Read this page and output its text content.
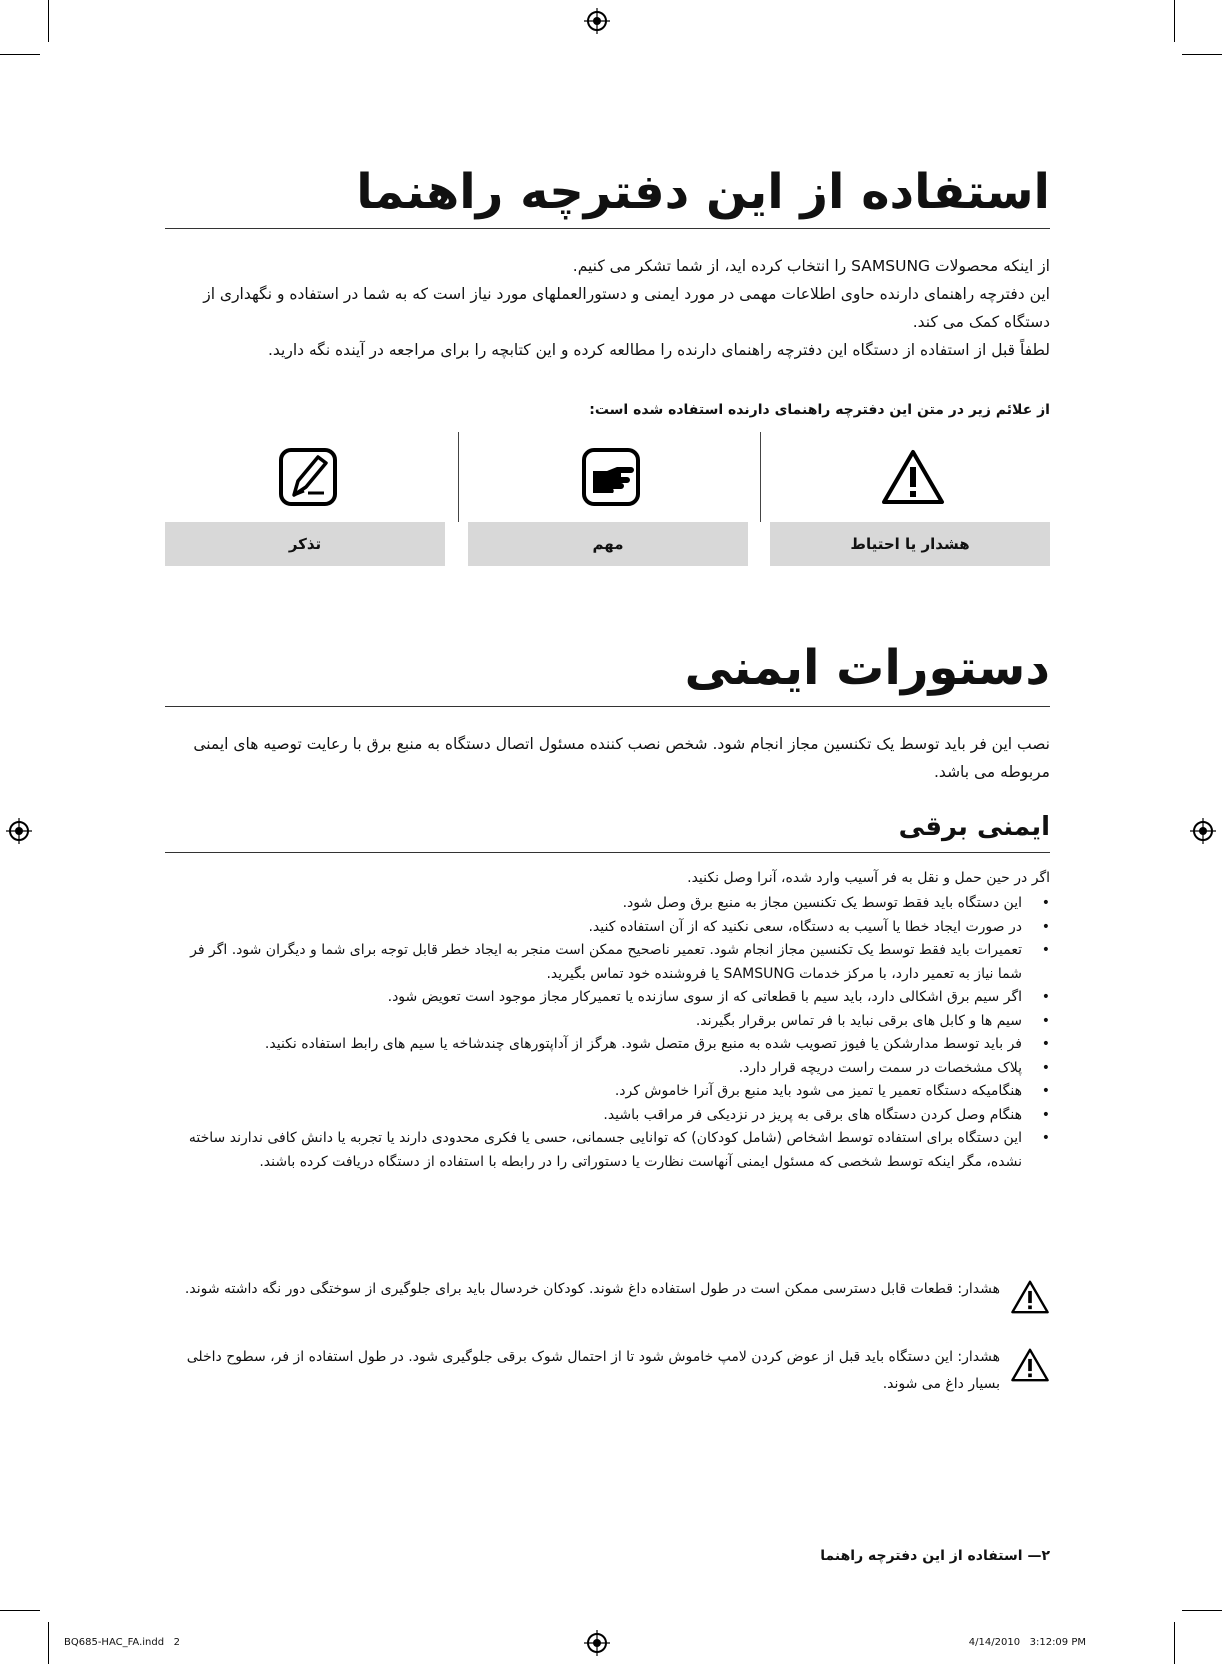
استفاده از این دفترچه راهنما
از اینکه محصولات SAMSUNG را انتخاب کرده اید، از شما تشکر می کنیم.
این دفترچه راهنمای دارنده حاوی اطلاعات مهمی در مورد ایمنی و دستورالعملهای مورد نیاز است که به شما در استفاده و نگهداری از دستگاه کمک می کند.
لطفاً قبل از استفاده از دستگاه این دفترچه راهنمای دارنده را مطالعه کرده و این کتابچه را برای مراجعه در آینده نگه دارید.
از علائم زیر در متن این دفترچه راهنمای دارنده استفاده شده است:
هشدار یا احتیاط
مهم
تذکر
دستورات ایمنی
نصب این فر باید توسط یک تکنسین مجاز انجام شود. شخص نصب کننده مسئول اتصال دستگاه به منبع برق با رعایت توصیه های ایمنی مربوطه می باشد.
ایمنی برقی
اگر در حین حمل و نقل به فر آسیب وارد شده، آنرا وصل نکنید.
•
این دستگاه باید فقط توسط یک تکنسین مجاز به منبع برق وصل شود.
•
در صورت ایجاد خطا یا آسیب به دستگاه، سعی نکنید که از آن استفاده کنید.
•
تعمیرات باید فقط توسط یک تکنسین مجاز انجام شود. تعمیر ناصحیح ممکن است منجر به ایجاد خطر قابل توجه برای شما و دیگران شود. اگر فر شما نیاز به تعمیر دارد، با مرکز خدمات SAMSUNG یا فروشنده خود تماس بگیرید.
•
اگر سیم برق اشکالی دارد، باید سیم با قطعاتی که از سوی سازنده یا تعمیرکار مجاز موجود است تعویض شود.
•
سیم ها و کابل های برقی نباید با فر تماس برقرار بگیرند.
•
فر باید توسط مدارشکن یا فیوز تصویب شده به منبع برق متصل شود. هرگز از آداپتورهای چندشاخه یا سیم های رابط استفاده نکنید.
•
پلاک مشخصات در سمت راست دریچه قرار دارد.
•
هنگامیکه دستگاه تعمیر یا تمیز می شود باید منبع برق آنرا خاموش کرد.
•
هنگام وصل کردن دستگاه های برقی به پریز در نزدیکی فر مراقب باشید.
•
این دستگاه برای استفاده توسط اشخاص (شامل کودکان) که توانایی جسمانی، حسی یا فکری محدودی دارند یا تجربه یا دانش کافی ندارند ساخته نشده، مگر اینکه توسط شخصی که مسئول ایمنی آنهاست نظارت یا دستوراتی را در رابطه با استفاده از دستگاه دریافت کرده باشند.
هشدار: قطعات قابل دسترسی ممکن است در طول استفاده داغ شوند. کودکان خردسال باید برای جلوگیری از سوختگی دور نگه داشته شوند.
هشدار: این دستگاه باید قبل از عوض کردن لامپ خاموش شود تا از احتمال شوک برقی جلوگیری شود. در طول استفاده از فر، سطوح داخلی بسیار داغ می شوند.
۲— استفاده از این دفترچه راهنما
BQ685-HAC_FA.indd   2	4/14/2010   3:12:09 PM
